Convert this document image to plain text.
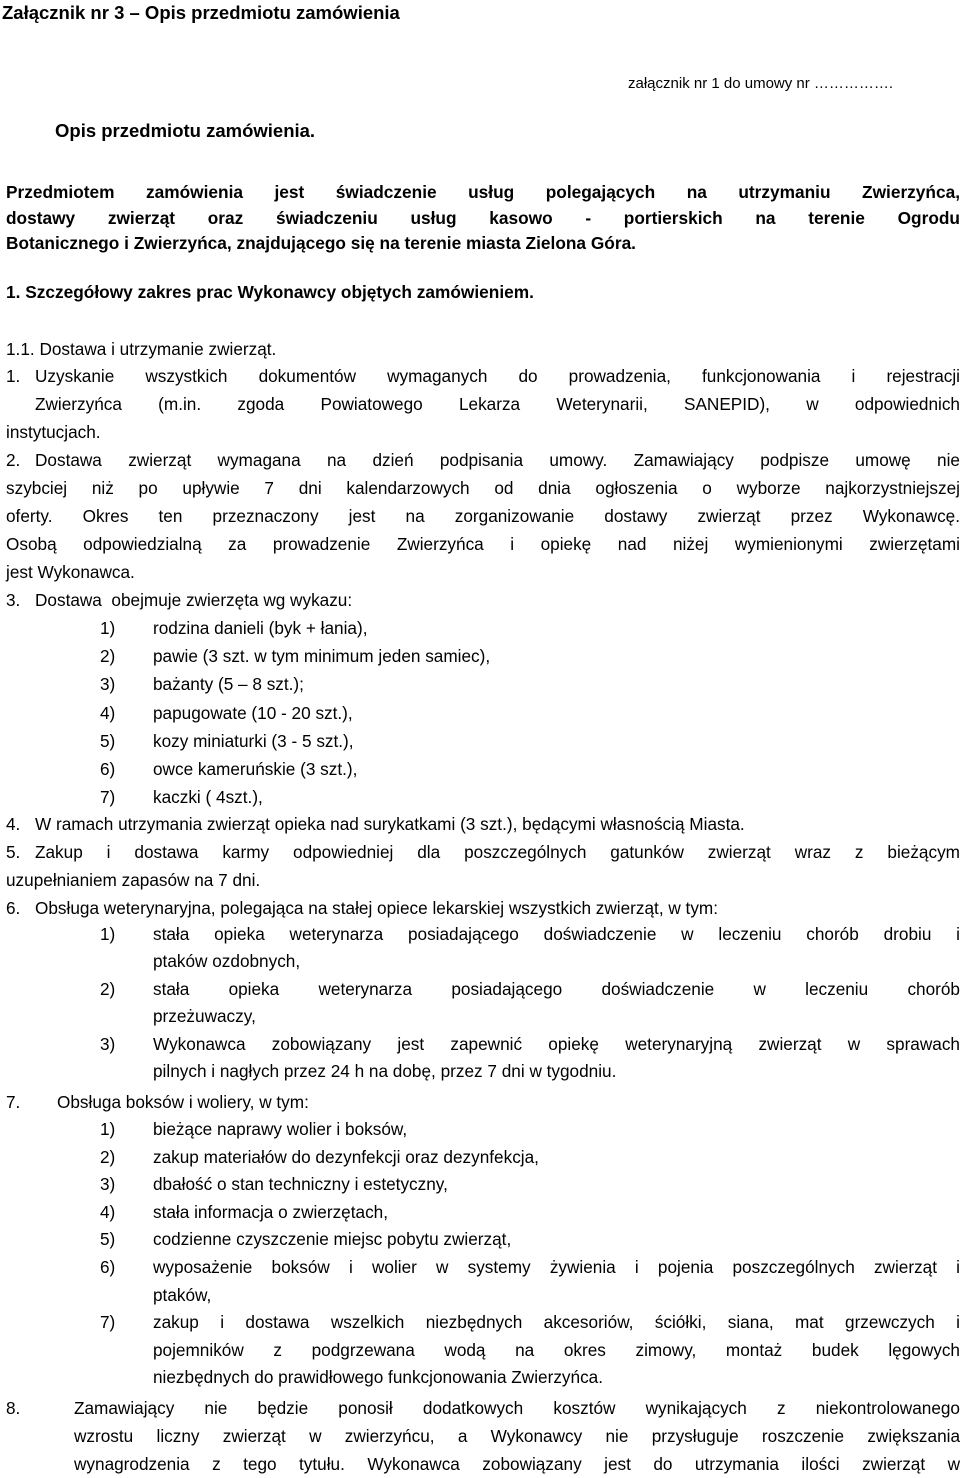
Załącznik nr 3 – Opis przedmiotu zamówienia
załącznik nr 1 do umowy nr …………….
Opis przedmiotu zamówienia.
Przedmiotem zamówienia jest świadczenie usług polegających na utrzymaniu Zwierzyńca,
dostawy zwierząt oraz świadczeniu usług kasowo - portierskich na terenie Ogrodu
Botanicznego i Zwierzyńca, znajdującego się na terenie miasta Zielona Góra.
1. Szczegółowy zakres prac Wykonawcy objętych zamówieniem.
1.1. Dostawa i utrzymanie zwierząt.
1. Uzyskanie wszystkich dokumentów wymaganych do prowadzenia, funkcjonowania i rejestracji
Zwierzyńca (m.in. zgoda Powiatowego Lekarza Weterynarii, SANEPID), w odpowiednich
instytucjach.
2. Dostawa zwierząt wymagana na dzień podpisania umowy. Zamawiający podpisze umowę nie
szybciej niż po upływie 7 dni kalendarzowych od dnia ogłoszenia o wyborze najkorzystniejszej
oferty. Okres ten przeznaczony jest na zorganizowanie dostawy zwierząt przez Wykonawcę.
Osobą odpowiedzialną za prowadzenie Zwierzyńca i opiekę nad niżej wymienionymi zwierzętami
jest Wykonawca.
3. Dostawa  obejmuje zwierzęta wg wykazu:
1) rodzina danieli (byk + łania),
2) pawie (3 szt. w tym minimum jeden samiec),
3) bażanty (5 – 8 szt.);
4) papugowate (10 - 20 szt.),
5) kozy miniaturki (3 - 5 szt.),
6) owce kameruńskie (3 szt.),
7) kaczki ( 4szt.),
4. W ramach utrzymania zwierząt opieka nad surykatkami (3 szt.), będącymi własnością Miasta.
5. Zakup i dostawa karmy odpowiedniej dla poszczególnych gatunków zwierząt wraz z bieżącym
uzupełnianiem zapasów na 7 dni.
6. Obsługa weterynaryjna, polegająca na stałej opiece lekarskiej wszystkich zwierząt, w tym:
1) stała opieka weterynarza posiadającego doświadczenie w leczeniu chorób drobiu i
ptaków ozdobnych,
2) stała opieka weterynarza posiadającego doświadczenie w leczeniu chorób
przeżuwaczy,
3) Wykonawca zobowiązany jest zapewnić opiekę weterynaryjną zwierząt w sprawach
pilnych i nagłych przez 24 h na dobę, przez 7 dni w tygodniu.
7. Obsługa boksów i woliery, w tym:
1) bieżące naprawy wolier i boksów,
2) zakup materiałów do dezynfekcji oraz dezynfekcja,
3) dbałość o stan techniczny i estetyczny,
4) stała informacja o zwierzętach,
5) codzienne czyszczenie miejsc pobytu zwierząt,
6) wyposażenie boksów i wolier w systemy żywienia i pojenia poszczególnych zwierząt i
ptaków,
7) zakup i dostawa wszelkich niezbędnych akcesoriów, ściółki, siana, mat grzewczych i
pojemników z podgrzewana wodą na okres zimowy, montaż budek lęgowych
niezbędnych do prawidłowego funkcjonowania Zwierzyńca.
8.	Zamawiający nie będzie ponosił dodatkowych kosztów wynikających z niekontrolowanego
wzrostu liczny zwierząt w zwierzyńcu, a Wykonawcy nie przysługuje roszczenie zwiększania
wynagrodzenia z tego tytułu. Wykonawca zobowiązany jest do utrzymania ilości zwierząt w
